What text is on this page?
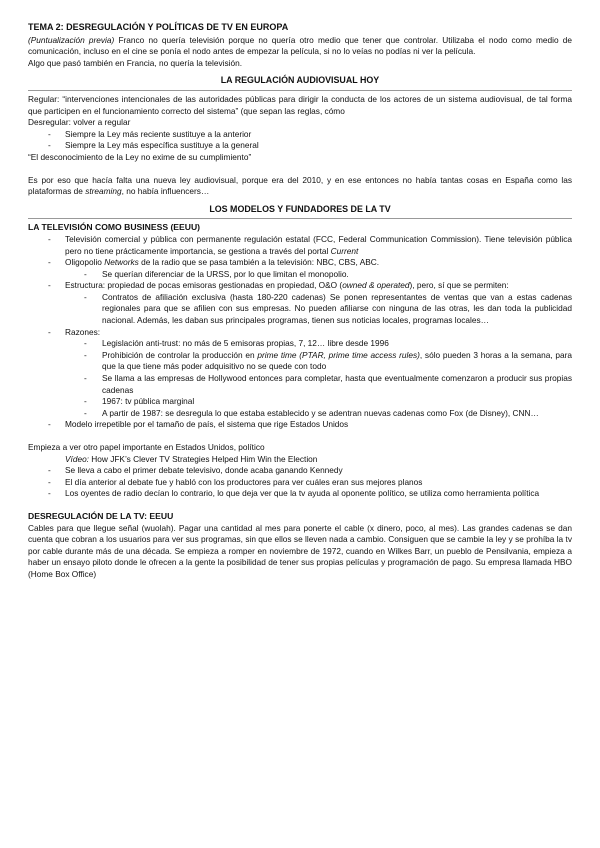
TEMA 2: DESREGULACIÓN Y POLÍTICAS DE TV EN EUROPA

(Puntualización previa) Franco no quería televisión porque no quería otro medio que tener que controlar. Utilizaba el nodo como medio de comunicación, incluso en el cine se ponía el nodo antes de empezar la película, si no lo veías no podías ni ver la película.

Algo que pasó también en Francia, no quería la televisión.

LA REGULACIÓN AUDIOVISUAL HOY

Regular: “intervenciones intencionales de las autoridades públicas para dirigir la conducta de los actores de un sistema audiovisual, de tal forma que participen en el funcionamiento correcto del sistema” (que sepan las reglas, cómo

Desregular: volver a regular

- Siempre la Ley más reciente sustituye a la anterior
- Siempre la Ley más específica sustituye a la general

“El desconocimiento de la Ley no exime de su cumplimiento”

Es por eso que hacía falta una nueva ley audiovisual, porque era del 2010, y en ese entonces no había tantas cosas en España como las plataformas de streaming, no había influencers…

LOS MODELOS Y FUNDADORES DE LA TV

LA TELEVISIÓN COMO BUSINESS (EEUU)

- Televisión comercial y pública con permanente regulación estatal (FCC, Federal Communication Commission). Tiene televisión pública pero no tiene prácticamente importancia, se gestiona a través del portal Current
- Oligopolio Networks de la radio que se pasa también a la televisión: NBC, CBS, ABC.
- Se querían diferenciar de la URSS, por lo que limitan el monopolio.
- Estructura: propiedad de pocas emisoras gestionadas en propiedad, O&O (owned & operated), pero, sí que se permiten:
- Contratos de afiliación exclusiva (hasta 180-220 cadenas) Se ponen representantes de ventas que van a estas cadenas regionales para que se afilien con sus empresas. No pueden afiliarse con ninguna de las otras, les dan toda la publicidad nacional. Además, les daban sus principales programas, tienen sus noticias locales, programas locales…
- Razones:
- Legislación anti-trust: no más de 5 emisoras propias, 7, 12… libre desde 1996
- Prohibición de controlar la producción en prime time (PTAR, prime time access rules), sólo pueden 3 horas a la semana, para que la que tiene más poder adquisitivo no se quede con todo
- Se llama a las empresas de Hollywood entonces para completar, hasta que eventualmente comenzaron a producir sus propias cadenas
- 1967: tv pública marginal
- A partir de 1987: se desregula lo que estaba establecido y se adentran nuevas cadenas como Fox (de Disney), CNN…
- Modelo irrepetible por el tamaño de país, el sistema que rige Estados Unidos

Empieza a ver otro papel importante en Estados Unidos, político

Vídeo: How JFK’s Clever TV Strategies Helped Him Win the Election

- Se lleva a cabo el primer debate televisivo, donde acaba ganando Kennedy
- El día anterior al debate fue y habló con los productores para ver cuáles eran sus mejores planos
- Los oyentes de radio decían lo contrario, lo que deja ver que la tv ayuda al oponente político, se utiliza como herramienta política

DESREGULACIÓN DE LA TV: EEUU

Cables para que llegue señal (wuolah). Pagar una cantidad al mes para ponerte el cable (x dinero, poco, al mes). Las grandes cadenas se dan cuenta que cobran a los usuarios para ver sus programas, sin que ellos se lleven nada a cambio. Consiguen que se cambie la ley y se prohíba la tv por cable durante más de una década. Se empieza a romper en noviembre de 1972, cuando en Wilkes Barr, un pueblo de Pensilvania, empieza a haber un ensayo piloto donde le ofrecen a la gente la posibilidad de tener sus propias películas y programación de pago. Su empresa llamada HBO (Home Box Office)
